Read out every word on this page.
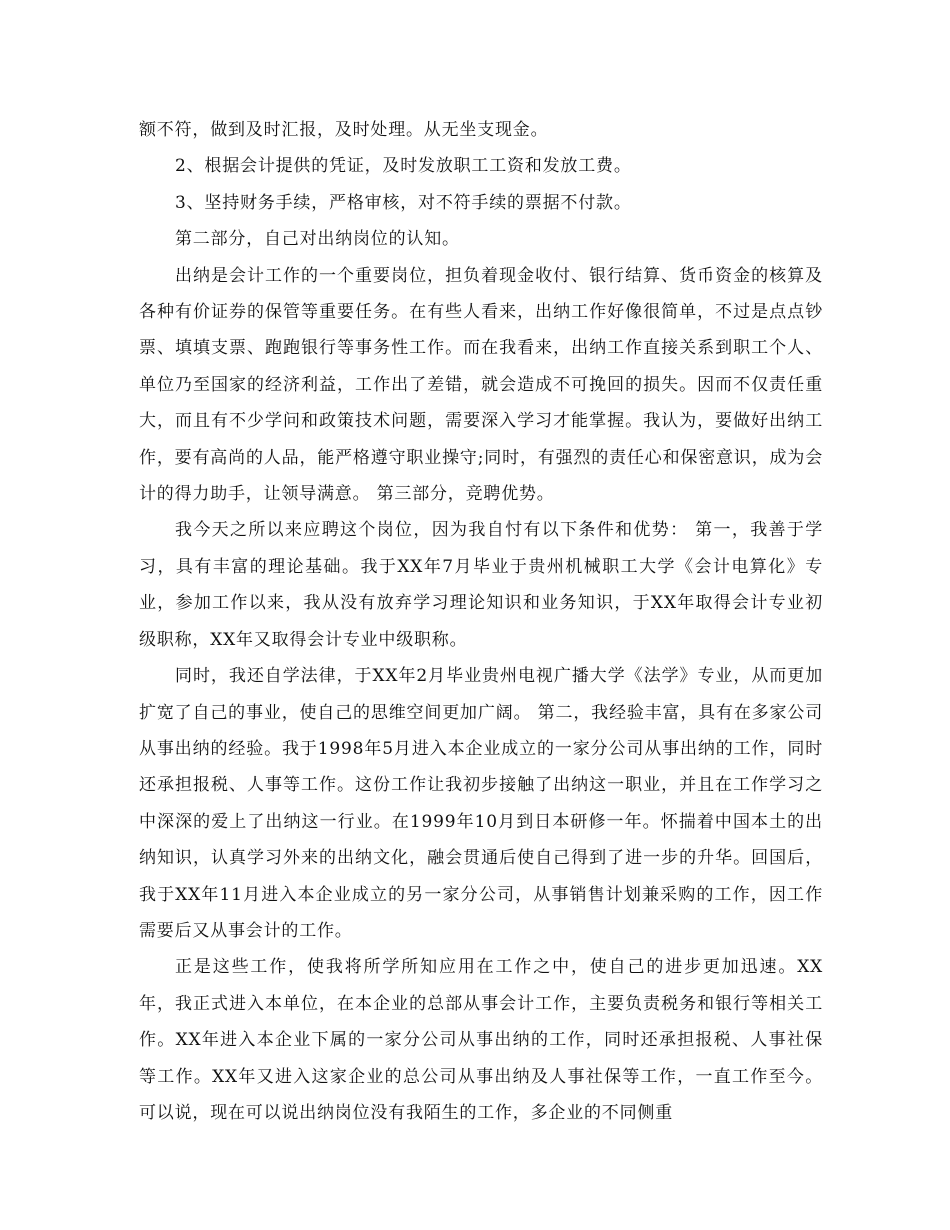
额不符，做到及时汇报，及时处理。从无坐支现金。

2、根据会计提供的凭证，及时发放职工工资和发放工费。

3、坚持财务手续，严格审核，对不符手续的票据不付款。

第二部分，自己对出纳岗位的认知。

出纳是会计工作的一个重要岗位，担负着现金收付、银行结算、货币资金的核算及各种有价证券的保管等重要任务。在有些人看来，出纳工作好像很简单，不过是点点钞票、填填支票、跑跑银行等事务性工作。而在我看来，出纳工作直接关系到职工个人、单位乃至国家的经济利益，工作出了差错，就会造成不可挽回的损失。因而不仅责任重大，而且有不少学问和政策技术问题，需要深入学习才能掌握。我认为，要做好出纳工作，要有高尚的人品，能严格遵守职业操守;同时，有强烈的责任心和保密意识，成为会计的得力助手，让领导满意。 第三部分，竞聘优势。

我今天之所以来应聘这个岗位，因为我自忖有以下条件和优势： 第一，我善于学习，具有丰富的理论基础。我于XX年7月毕业于贵州机械职工大学《会计电算化》专业，参加工作以来，我从没有放弃学习理论知识和业务知识，于XX年取得会计专业初级职称，XX年又取得会计专业中级职称。

同时，我还自学法律，于XX年2月毕业贵州电视广播大学《法学》专业，从而更加扩宽了自己的事业，使自己的思维空间更加广阔。 第二，我经验丰富，具有在多家公司从事出纳的经验。我于1998年5月进入本企业成立的一家分公司从事出纳的工作，同时还承担报税、人事等工作。这份工作让我初步接触了出纳这一职业，并且在工作学习之中深深的爱上了出纳这一行业。在1999年10月到日本研修一年。怀揣着中国本土的出纳知识，认真学习外来的出纳文化，融会贯通后使自己得到了进一步的升华。回国后，我于XX年11月进入本企业成立的另一家分公司，从事销售计划兼采购的工作，因工作需要后又从事会计的工作。

正是这些工作，使我将所学所知应用在工作之中，使自己的进步更加迅速。XX年，我正式进入本单位，在本企业的总部从事会计工作，主要负责税务和银行等相关工作。XX年进入本企业下属的一家分公司从事出纳的工作，同时还承担报税、人事社保等工作。XX年又进入这家企业的总公司从事出纳及人事社保等工作，一直工作至今。可以说，现在可以说出纳岗位没有我陌生的工作，多企业的不同侧重
